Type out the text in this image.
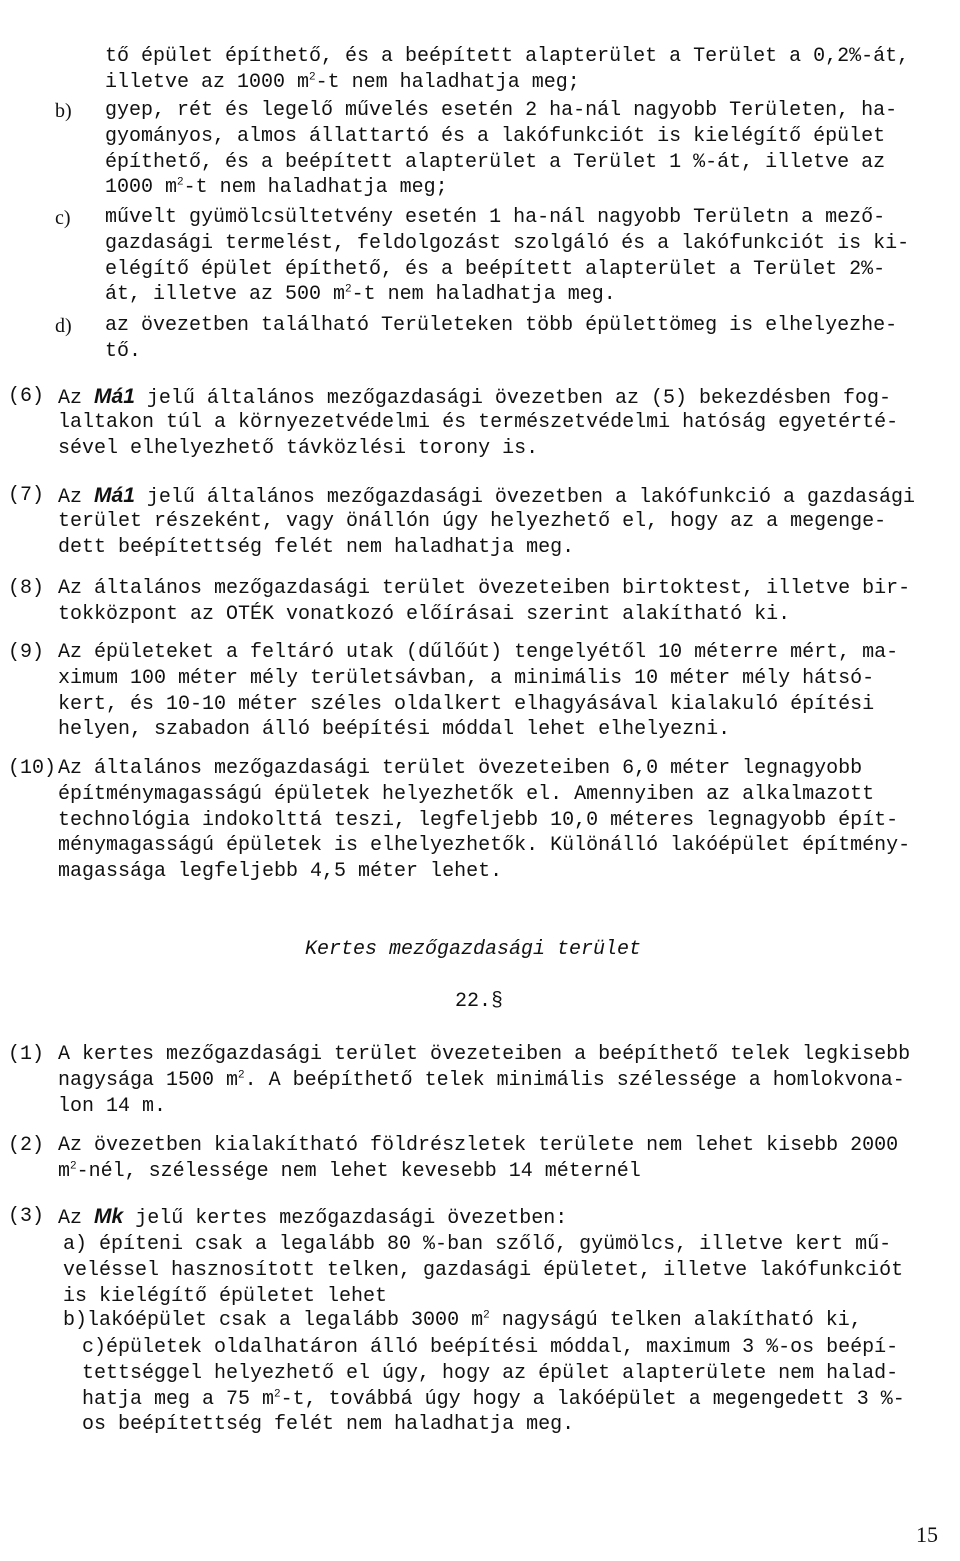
Kertes mezőgazdasági terület
22.§
15
tő épület építhető, és a beépített alapterület a Terület a 0,2%-át,
illetve az 1000 $m^2-t$ nem haladhatja meg;
b) gyep, rét és legelő művelés esetén 2 ha-nál nagyobb Területen, ha-
gyományos, almos állattartó és a lakófunkciót is kielégítő épület
építhető, és a beépített alapterület a Terület 1 %-át, illetve az
1000 $m^2-t$ nem haladhatja meg;
c) művelt gyümölcsültetvény esetén 1 ha-nál nagyobb Területn a mező-
gazdasági termelést, feldolgozást szolgáló és a lakófunkciót is ki-
elégítő épület építhető, és a beépített alapterület a Terület 2%-
át, illetve az 500 $m^2-t$ nem haladhatja meg.
d) az övezetben található Területeken több épülettömeg is elhelyezhe-
tő.
(6) Az Má1 jelű általános mezőgazdasági övezetben az (5) bekezdésben fog-
laltakon túl a környezetvédelmi és természetvédelmi hatóság egyetérté-
sével elhelyezhető távközlési torony is.
(7) Az Má1 jelű általános mezőgazdasági övezetben a lakófunkció a gazdasági
terület részeként, vagy önállón úgy helyezhető el, hogy az a megenge-
dett beépítettség felét nem haladhatja meg.
(8) Az általános mezőgazdasági terület övezeteiben birtoktest, illetve bir-
tokközpont az OTÉK vonatkozó előírásai szerint alakítható ki.
(9) Az épületeket a feltáró utak (dűlőút) tengelyétől 10 méterre mért, ma-
ximum 100 méter mély területsávban, a minimális 10 méter mély hátsó-
kert, és 10-10 méter széles oldalkert elhagyásával kialakuló építési
helyen, szabadon álló beépítési móddal lehet elhelyezni.
(10) Az általános mezőgazdasági terület övezeteiben 6,0 méter legnagyobb
építménymagasságú épületek helyezhetők el. Amennyiben az alkalmazott
technológia indokolttá teszi, legfeljebb 10,0 méteres legnagyobb épít-
ménymagasságú épületek is elhelyezhetők. Különálló lakóépület építmény-
magassága legfeljebb 4,5 méter lehet.
(1) A kertes mezőgazdasági terület övezeteiben a beépíthető telek legkisebb
nagysága 1500 $m^2$. A beépíthető telek minimális szélessége a homlokvona-
lon 14 m.
(2) Az övezetben kialakítható földrészletek területe nem lehet kisebb 2000
$m^2$-nél, szélessége nem lehet kevesebb 14 méternél
(3) Az Mk jelű kertes mezőgazdasági övezetben:
a) építeni csak a legalább 80 %-ban szőlő, gyümölcs, illetve kert mű-
veléssel hasznosított telken, gazdasági épületet, illetve lakófunkciót
is kielégítő épületet lehet
b)lakóépület csak a legalább 3000 $m^2$ nagyságú telken alakítható ki,
c)épületek oldalhatáron álló beépítési móddal, maximum 3 %-os beépí-
tettséggel helyezhető el úgy, hogy az épület alapterülete nem halad-
hatja meg a 75 $m^2-t$, továbbá úgy hogy a lakóépület a megengedett 3 %-
os beépítettség felét nem haladhatja meg.
